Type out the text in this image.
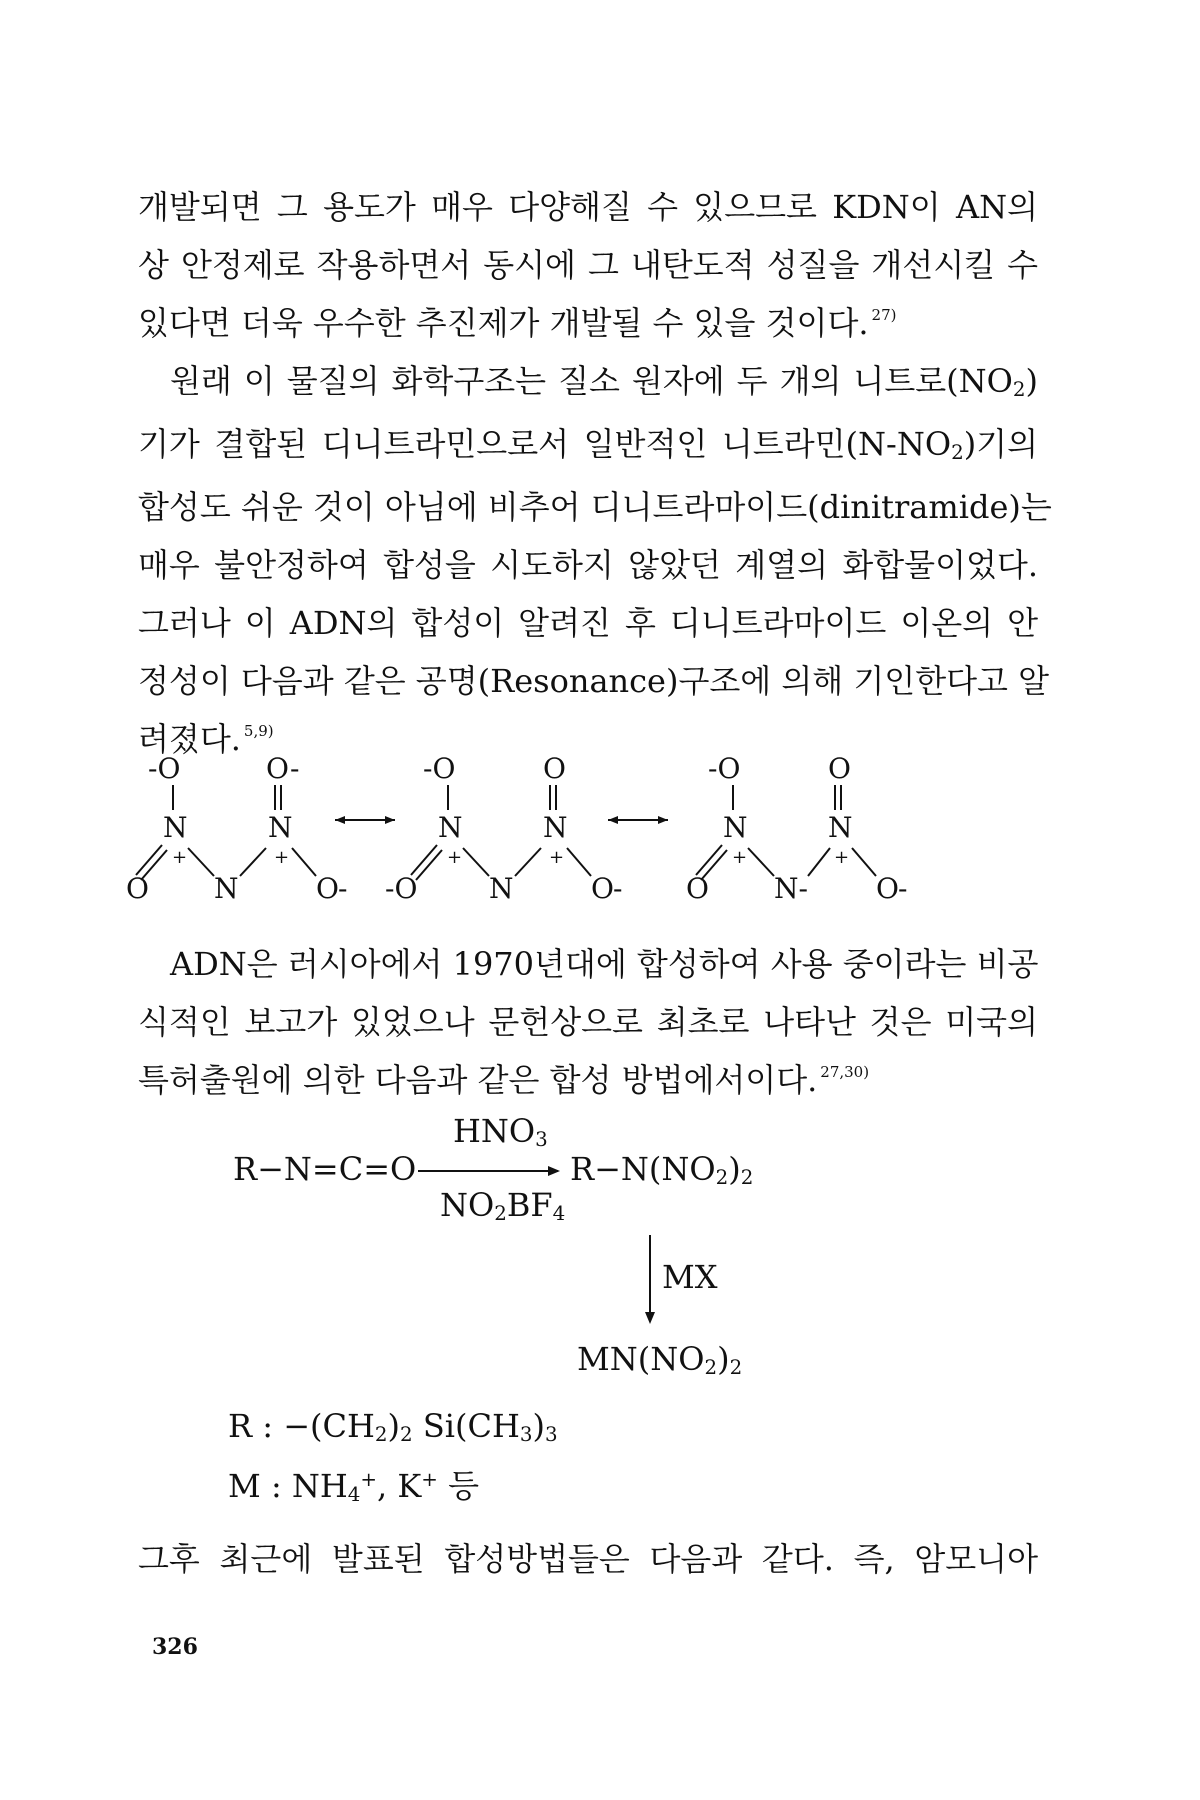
개발되면 그 용도가 매우 다양해질 수 있으므로 KDN이 AN의
상 안정제로 작용하면서 동시에 그 내탄도적 성질을 개선시킬 수
있다면 더욱 우수한 추진제가 개발될 수 있을 것이다. $^{27)}$
원래 이 물질의 화학구조는 질소 원자에 두 개의 니트로$(NO_2)$
기가 결합된 디니트라민으로서 일반적인 니트라민$(N-NO_2)$기의
합성도 쉬운 것이 아님에 비추어 디니트라마이드(dinitramide)는
매우 불안정하여 합성을 시도하지 않았던 계열의 화합물이었다.
그러나 이 ADN의 합성이 알려진 후 디니트라마이드 이온의 안
정성이 다음과 같은 공명(Resonance)구조에 의해 기인한다고 알
려졌다. $^{5,9)}$
-O
N
O
+
N
N
+
O-
O -
-O
N
-O
+
N
N
+
O
O -
-O
N
O
+
N-
N
+
O
O -
ADN은 러시아에서 1970년대에 합성하여 사용 중이라는 비공
식적인 보고가 있었으나 문헌상으로 최초로 나타난 것은 미국의
특허출원에 의한 다음과 같은 합성 방법에서이다. $^{27,30)}$
$HNO_3$
R−N=C=O	$R-N(NO_2)_2$
$NO_2BF_4$
MX
$MN(NO_2)_2$
R : $-(CH_2)_2$ $Si(CH_3)_3$
M : $NH_4^+$, K+ 등
그후 최근에 발표된 합성방법들은 다음과 같다. 즉, 암모니아
326
